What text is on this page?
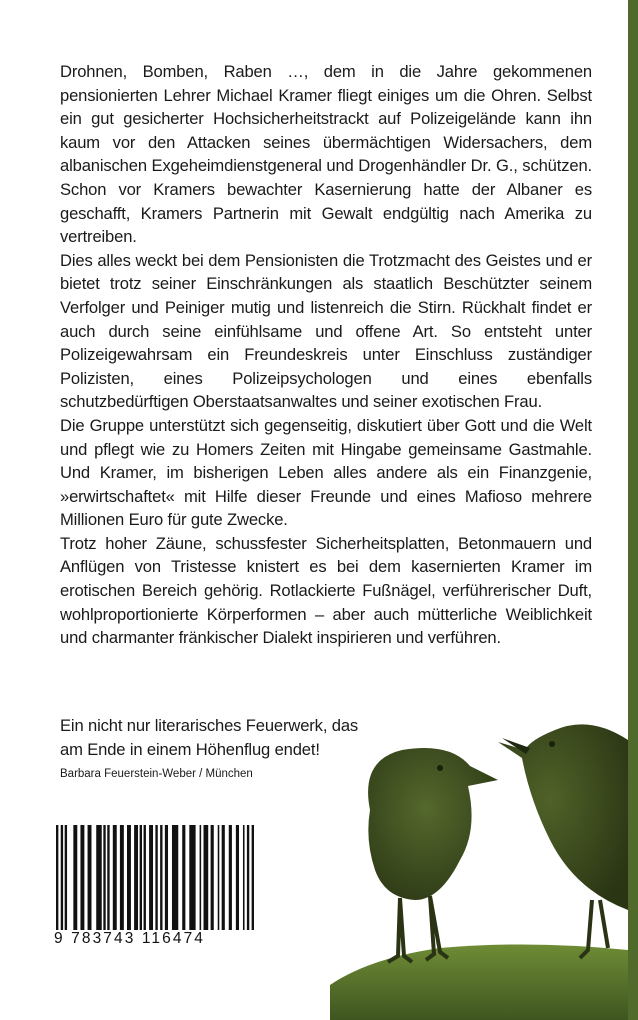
Drohnen, Bomben, Raben …, dem in die Jahre gekommenen pensionierten Lehrer Michael Kramer fliegt einiges um die Ohren. Selbst ein gut gesicherter Hochsicherheitstrackt auf Polizeigelände kann ihn kaum vor den Attacken seines übermächtigen Widersachers, dem albanischen Exgeheimdienstgeneral und Drogenhändler Dr. G., schützen. Schon vor Kramers bewachter Kasernierung hatte der Albaner es geschafft, Kramers Partnerin mit Gewalt endgültig nach Amerika zu vertreiben.

Dies alles weckt bei dem Pensionisten die Trotzmacht des Geistes und er bietet trotz seiner Einschränkungen als staatlich Beschützter seinem Verfolger und Peiniger mutig und listenreich die Stirn. Rückhalt findet er auch durch seine einfühlsame und offene Art. So entsteht unter Polizeigewahrsam ein Freundeskreis unter Einschluss zuständiger Polizisten, eines Polizeipsychologen und eines ebenfalls schutzbedürftigen Oberstaatsanwaltes und seiner exotischen Frau.

Die Gruppe unterstützt sich gegenseitig, diskutiert über Gott und die Welt und pflegt wie zu Homers Zeiten mit Hingabe gemeinsame Gastmahle. Und Kramer, im bisherigen Leben alles andere als ein Finanzgenie, »erwirtschaftet« mit Hilfe dieser Freunde und eines Mafioso mehrere Millionen Euro für gute Zwecke.

Trotz hoher Zäune, schussfester Sicherheitsplatten, Betonmauern und Anflügen von Tristesse knistert es bei dem kasernierten Kramer im erotischen Bereich gehörig. Rotlackierte Fußnägel, verführerischer Duft, wohlproportionierte Körperformen – aber auch mütterliche Weiblichkeit und charmanter fränkischer Dialekt inspirieren und verführen.

Ein nicht nur literarisches Feuerwerk, das

am Ende in einem Höhenflug endet!

Barbara Feuerstein-Weber / München
9 783743 116474
